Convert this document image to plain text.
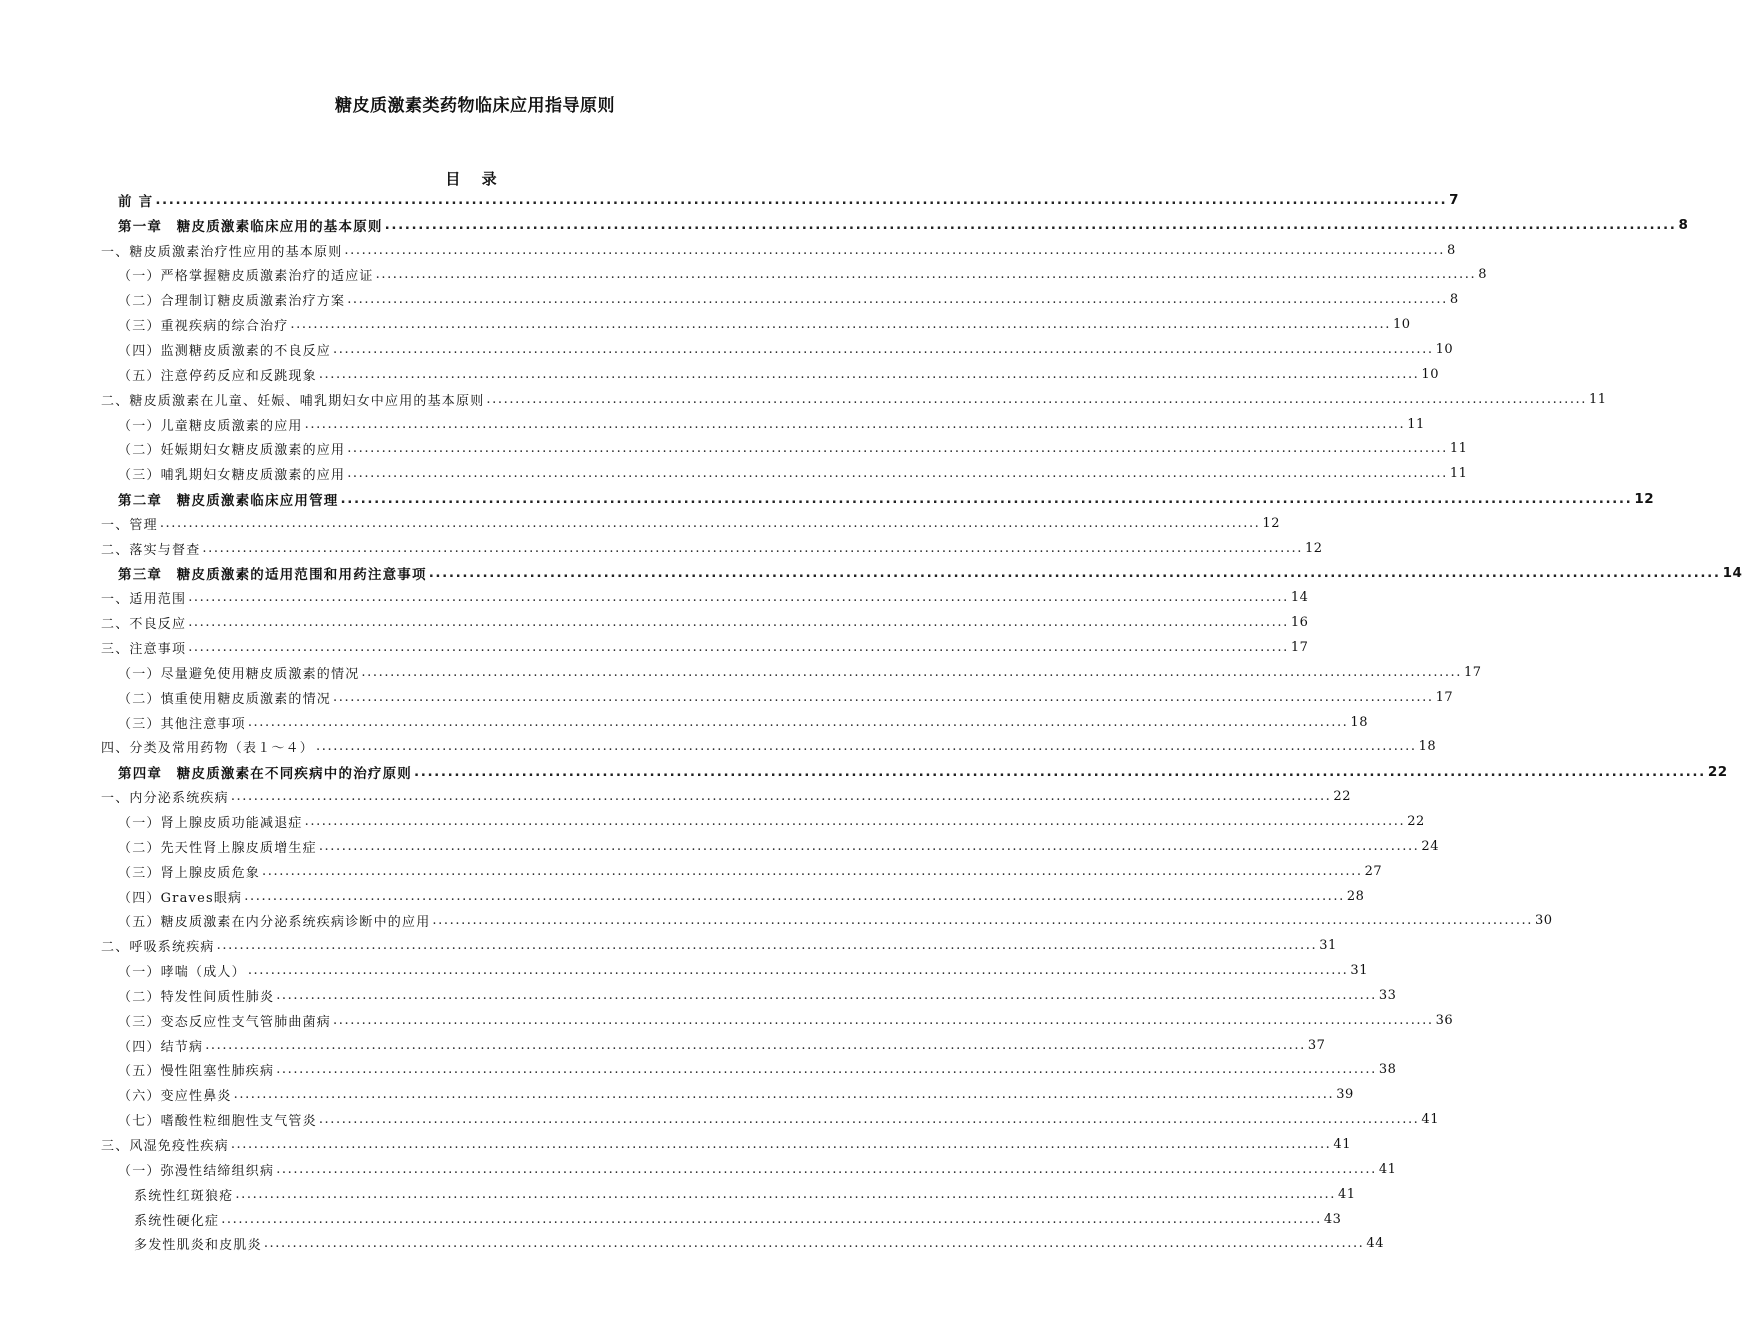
糖皮质激素类药物临床应用指导原则
目 录
前 言 .....	7
第一章　糖皮质激素临床应用的基本原则 .....	8
一、糖皮质激素治疗性应用的基本原则 .....	8
（一）严格掌握糖皮质激素治疗的适应证 .....	8
（二）合理制订糖皮质激素治疗方案 .....	8
（三）重视疾病的综合治疗 .....	10
（四）监测糖皮质激素的不良反应 .....	10
（五）注意停药反应和反跳现象 .....	10
二、糖皮质激素在儿童、妊娠、哺乳期妇女中应用的基本原则 .....	11
（一）儿童糖皮质激素的应用 .....	11
（二）妊娠期妇女糖皮质激素的应用 .....	11
（三）哺乳期妇女糖皮质激素的应用 .....	11
第二章　糖皮质激素临床应用管理 .....	12
一、管理 .....	12
二、落实与督查 .....	12
第三章　糖皮质激素的适用范围和用药注意事项 .....	14
一、适用范围 .....	14
二、不良反应 .....	16
三、注意事项 .....	17
（一）尽量避免使用糖皮质激素的情况 .....	17
（二）慎重使用糖皮质激素的情况 .....	17
（三）其他注意事项 .....	18
四、分类及常用药物（表１～４） .....	18
第四章　糖皮质激素在不同疾病中的治疗原则 .....	22
一、内分泌系统疾病 .....	22
（一）肾上腺皮质功能减退症 .....	22
（二）先天性肾上腺皮质增生症 .....	24
（三）肾上腺皮质危象 .....	27
（四）Graves眼病 .....	28
（五）糖皮质激素在内分泌系统疾病诊断中的应用 .....	30
二、呼吸系统疾病 .....	31
（一）哮喘（成人） .....	31
（二）特发性间质性肺炎 .....	33
（三）变态反应性支气管肺曲菌病 .....	36
（四）结节病 .....	37
（五）慢性阻塞性肺疾病 .....	38
（六）变应性鼻炎 .....	39
（七）嗜酸性粒细胞性支气管炎 .....	41
三、风湿免疫性疾病 .....	41
（一）弥漫性结缔组织病 .....	41
系统性红斑狼疮 .....	41
系统性硬化症 .....	43
多发性肌炎和皮肌炎 .....	44
